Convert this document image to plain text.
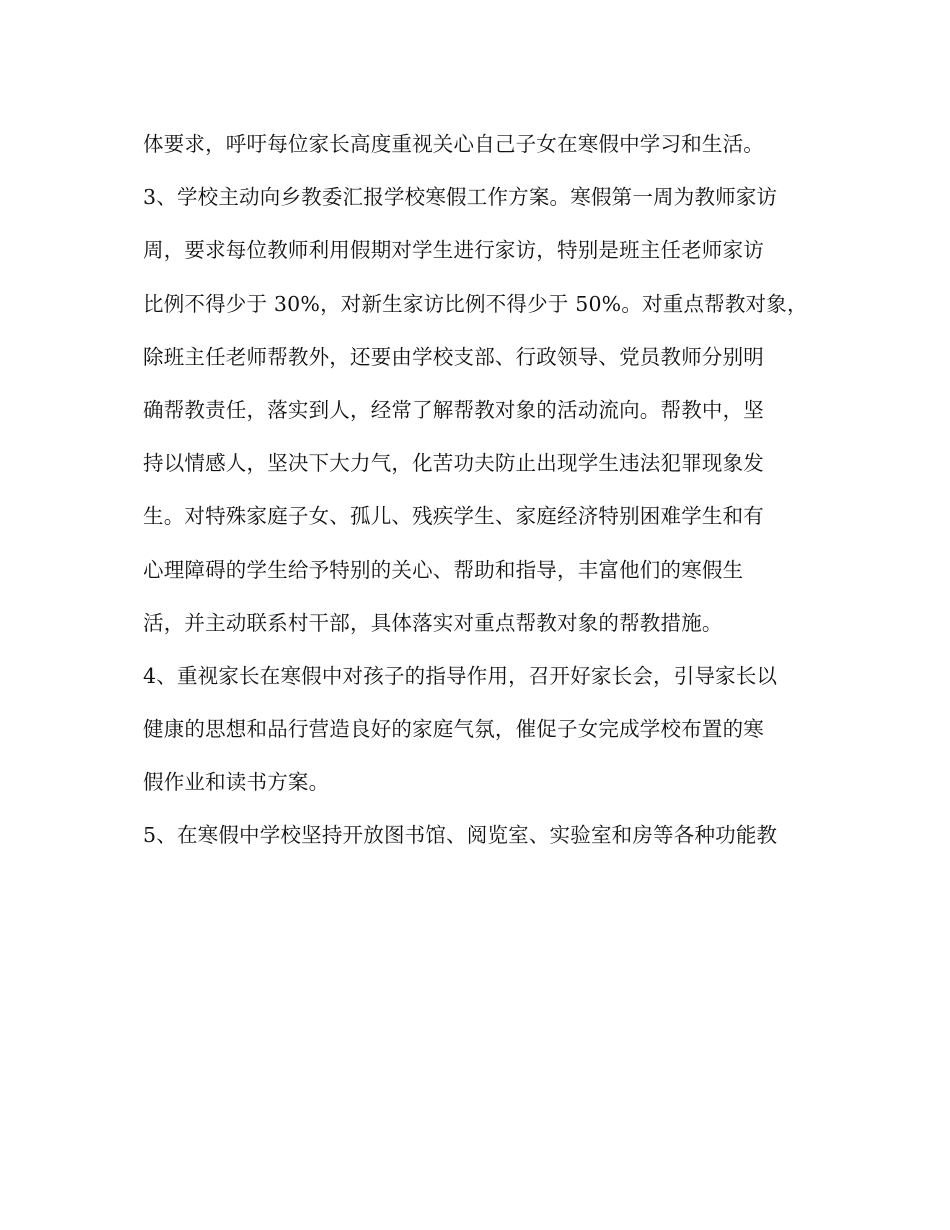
体要求，呼吁每位家长高度重视关心自己子女在寒假中学习和生活。
3、学校主动向乡教委汇报学校寒假工作方案。寒假第一周为教师家访
周，要求每位教师利用假期对学生进行家访，特别是班主任老师家访
比例不得少于 30%，对新生家访比例不得少于 50%。对重点帮教对象，
除班主任老师帮教外，还要由学校支部、行政领导、党员教师分别明
确帮教责任，落实到人，经常了解帮教对象的活动流向。帮教中，坚
持以情感人，坚决下大力气，化苦功夫防止出现学生违法犯罪现象发
生。对特殊家庭子女、孤儿、残疾学生、家庭经济特别困难学生和有
心理障碍的学生给予特别的关心、帮助和指导，丰富他们的寒假生
活，并主动联系村干部，具体落实对重点帮教对象的帮教措施。
4、重视家长在寒假中对孩子的指导作用，召开好家长会，引导家长以
健康的思想和品行营造良好的家庭气氛，催促子女完成学校布置的寒
假作业和读书方案。
5、在寒假中学校坚持开放图书馆、阅览室、实验室和房等各种功能教
